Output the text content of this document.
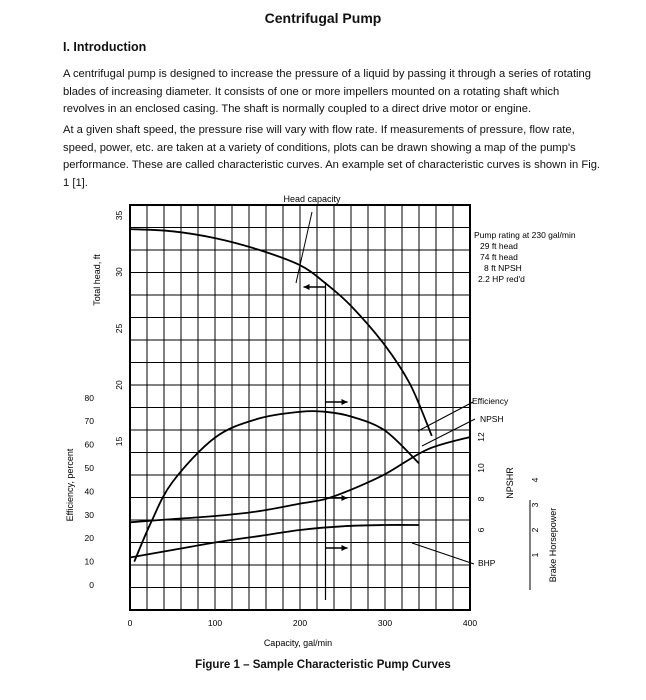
Centrifugal Pump
I. Introduction

A centrifugal pump is designed to increase the pressure of a liquid by passing it through a series of rotating blades of increasing diameter. It consists of one or more impellers mounted on a rotating shaft which revolves in an enclosed casing. The shaft is normally coupled to a direct drive motor or engine.

At a given shaft speed, the pressure rise will vary with flow rate. If measurements of pressure, flow rate, speed, power, etc. are taken at a variety of conditions, plots can be drawn showing a map of the pump's performance. These are called characteristic curves. An example set of characteristic curves is shown in Fig. 1 [1].

0	100	200	300	400
35
30
25
20
15
80
70
60
50
40
30
20
10
0
12
10
8
6
4
3
2
1
Capacity, gal/min
Total head, ft
Efficiency, percent	NPSHR
Brake Horsepower
Head capacity
Pump rating at 230 gal/min
29 ft head
74 ft head
8 ft NPSH
2.2 HP red'd
Efficiency
NPSH
BHP
Figure 1 – Sample Characteristic Pump Curves
